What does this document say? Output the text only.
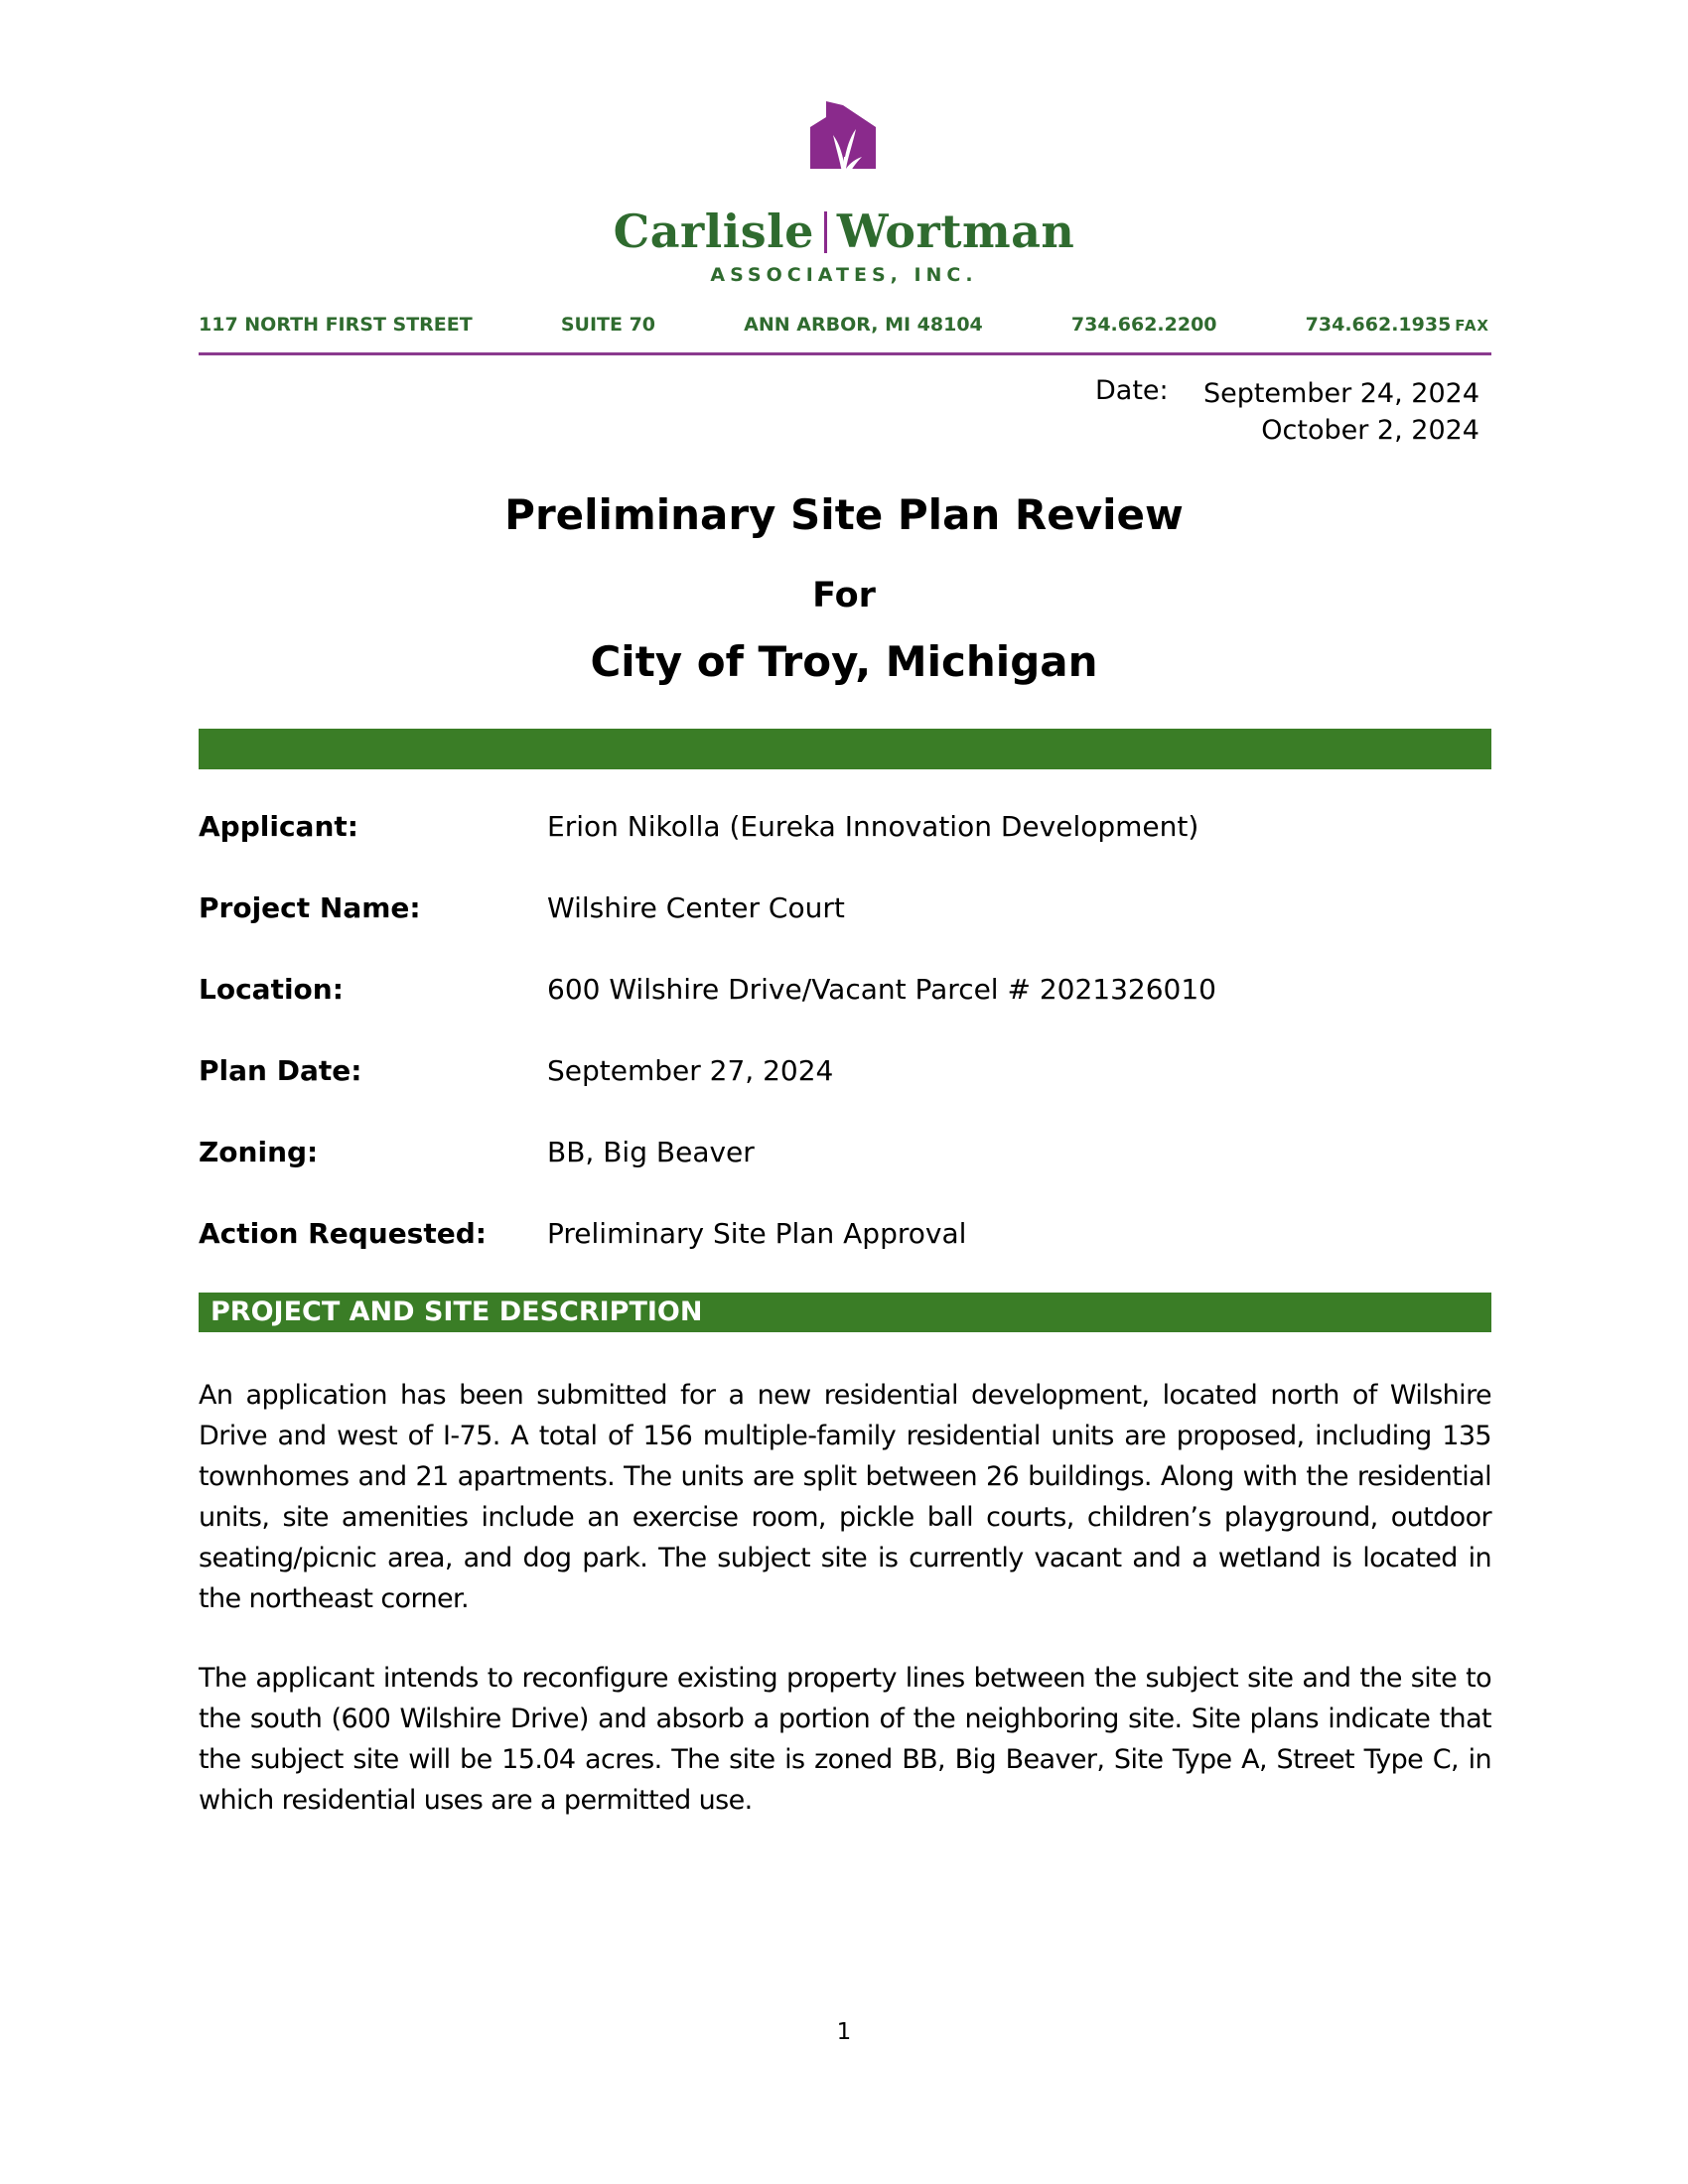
Carlisle Wortman
ASSOCIATES, INC.
117 NORTH FIRST STREET	SUITE 70	ANN ARBOR, MI 48104	734.662.2200	734.662.1935 FAX
Date: September 24, 2024
October 2, 2024
Preliminary Site Plan Review
For
City of Troy, Michigan
Applicant:	Erion Nikolla (Eureka Innovation Development)
Project Name:	Wilshire Center Court
Location:	600 Wilshire Drive/Vacant Parcel # 2021326010
Plan Date:	September 27, 2024
Zoning:	BB, Big Beaver
Action Requested: Preliminary Site Plan Approval
PROJECT AND SITE DESCRIPTION

An application has been submitted for a new residential development, located north of Wilshire Drive and west of I-75. A total of 156 multiple-family residential units are proposed, including 135 townhomes and 21 apartments. The units are split between 26 buildings. Along with the residential units, site amenities include an exercise room, pickle ball courts, children’s playground, outdoor seating/picnic area, and dog park. The subject site is currently vacant and a wetland is located in the northeast corner.

The applicant intends to reconfigure existing property lines between the subject site and the site to the south (600 Wilshire Drive) and absorb a portion of the neighboring site. Site plans indicate that the subject site will be 15.04 acres. The site is zoned BB, Big Beaver, Site Type A, Street Type C, in which residential uses are a permitted use.

1
